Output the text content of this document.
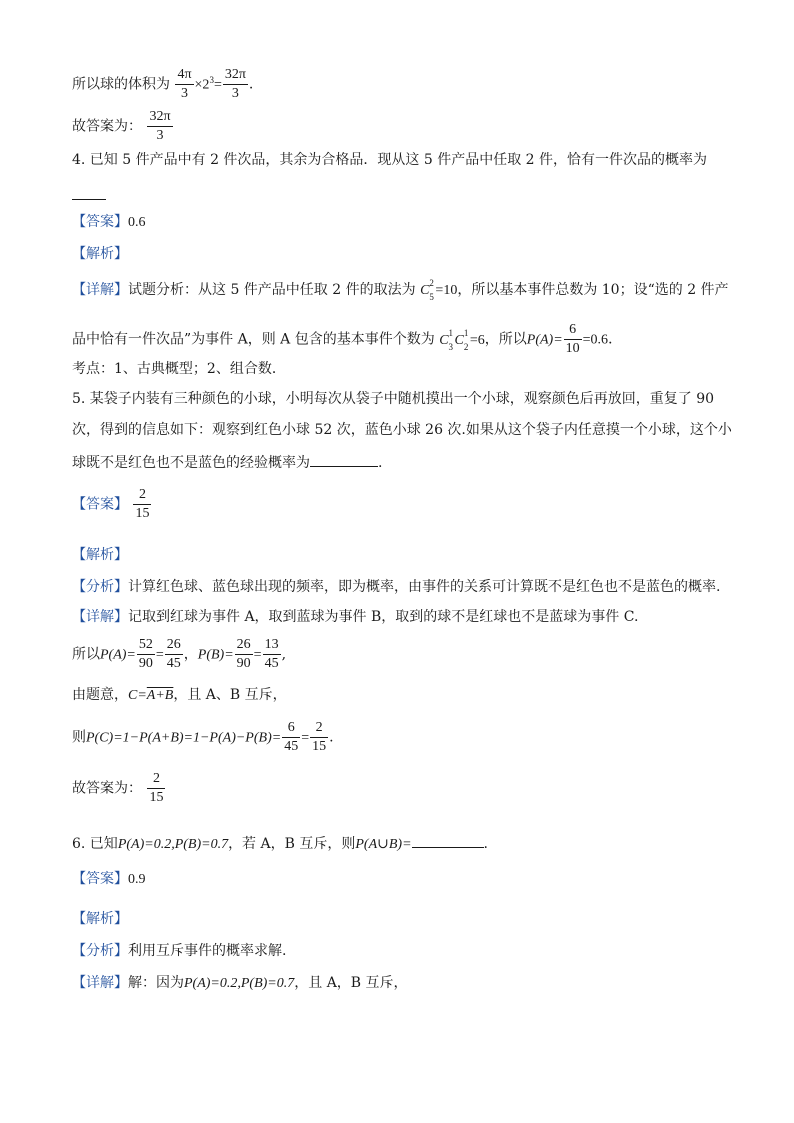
所以球的体积为 $\frac{4\pi}{3} \times 2^3= \frac{32\pi}{3}$ .
故答案为： $\frac{32\pi}{3}$
4. 已知 5 件产品中有 2 件次品，其余为合格品．现从这 5 件产品中任取 2 件，恰有一件次品的概率为
【答案】0.6
【解析】
【详解】试题分析：从这 5 件产品中任取 2 件的取法为 C 2
5 =10，所以基本事件总数为 10；设“选的 2 件产
品中恰有一件次品”为事件 A，则 A 包含的基本事件个数为 C 1
3 C 1
2 =6，所以$P(A)= \frac{6}{10} =0.6$．
考点：1、古典概型；2、组合数．
5. 某袋子内装有三种颜色的小球，小明每次从袋子中随机摸出一个小球，观察颜色后再放回，重复了 90
次，得到的信息如下：观察到红色小球 52 次，蓝色小球 26 次.如果从这个袋子内任意摸一个小球，这个小
球既不是红色也不是蓝色的经验概率为	.
【答案】 $\frac{2}{15}$
【解析】
【分析】计算红色球、蓝色球出现的频率，即为概率，由事件的关系可计算既不是红色也不是蓝色的概率.
【详解】记取到红球为事件 A，取到蓝球为事件 B，取到的球不是红球也不是蓝球为事件 C.
所以$P(A)= \frac{52}{90} = \frac{26}{45}$ ，$P(B)= \frac{26}{90} = \frac{13}{45}$ ,
由题意，C=A+B，且 A、B 互斥，
则$P(C)=1-P(A+B)=1-P(A)-P(B)= \frac{6}{45} = \frac{2}{15}$ .
故答案为： $\frac{2}{15}$
6. 已知P(A)=0.2,P(B)=0.7，若 A，B 互斥，则P(A∪B)=	.
【答案】0.9
【解析】
【分析】利用互斥事件的概率求解.
【详解】解：因为P(A)=0.2,P(B)=0.7，且 A，B 互斥，
